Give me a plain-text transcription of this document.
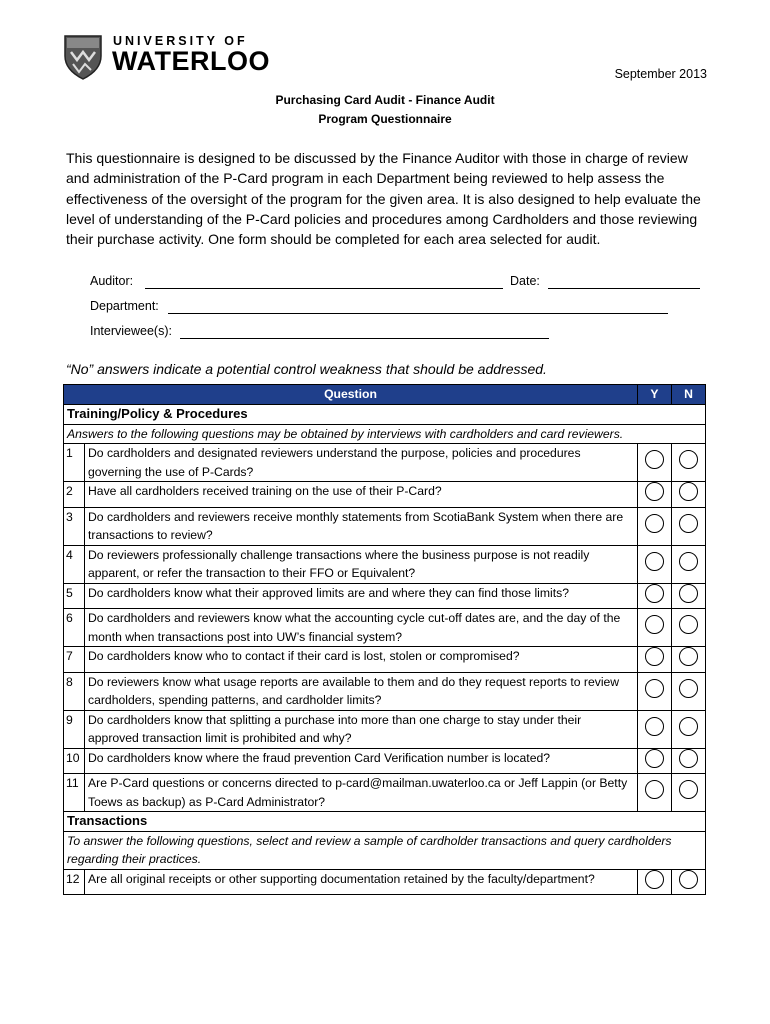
UNIVERSITY OF
WATERLOO	September 2013
Purchasing Card Audit - Finance Audit
Program Questionnaire
This questionnaire is designed to be discussed by the Finance Auditor with those in charge of review and administration of the P-Card program in each Department being reviewed to help assess the effectiveness of the oversight of the program for the given area. It is also designed to help evaluate the level of understanding of the P-Card policies and procedures among Cardholders and those reviewing their purchase activity. One form should be completed for each area selected for audit.
Auditor:	Date:
Department:
Interviewee(s):
“No” answers indicate a potential control weakness that should be addressed.
Question		Y	N
Training/Policy & Procedures			
Answers to the following questions may be obtained by interviews with cardholders and card reviewers.			
1	Do cardholders and designated reviewers understand the purpose, policies and procedures governing the use of P-Cards?		
2	Have all cardholders received training on the use of their P-Card?		
3	Do cardholders and reviewers receive monthly statements from ScotiaBank System when there are transactions to review?		
4	Do reviewers professionally challenge transactions where the business purpose is not readily apparent, or refer the transaction to their FFO or Equivalent?		
5	Do cardholders know what their approved limits are and where they can find those limits?		
6	Do cardholders and reviewers know what the accounting cycle cut-off dates are, and the day of the month when transactions post into UW’s financial system?		
7	Do cardholders know who to contact if their card is lost, stolen or compromised?		
8	Do reviewers know what usage reports are available to them and do they request reports to review cardholders, spending patterns, and cardholder limits?		
9	Do cardholders know that splitting a purchase into more than one charge to stay under their approved transaction limit is prohibited and why?		
10	Do cardholders know where the fraud prevention Card Verification number is located?		
11	Are P-Card questions or concerns directed to p-card@mailman.uwaterloo.ca or Jeff Lappin (or Betty Toews as backup) as P-Card Administrator?		
Transactions			
To answer the following questions, select and review a sample of cardholder transactions and query cardholders regarding their practices.			
12	Are all original receipts or other supporting documentation retained by the faculty/department?		
